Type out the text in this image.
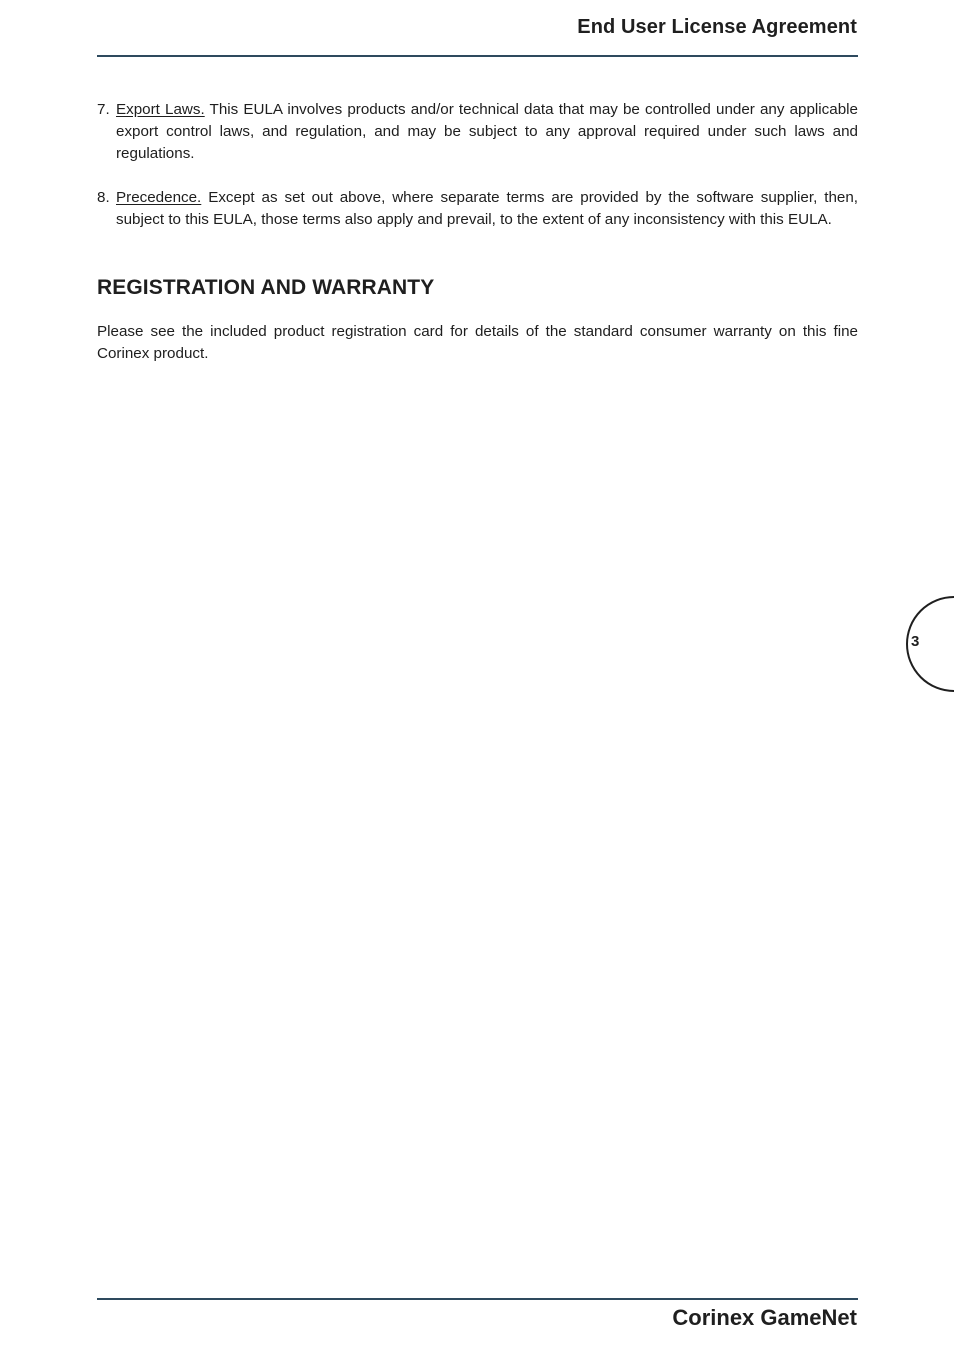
End User License Agreement
7. Export Laws. This EULA involves products and/or technical data that may be controlled under any applicable export control laws, and regulation, and may be subject to any approval required under such laws and regulations.
8. Precedence. Except as set out above, where separate terms are provided by the software supplier, then, subject to this EULA, those terms also apply and prevail, to the extent of any inconsistency with this EULA.
REGISTRATION AND WARRANTY
Please see the included product registration card for details of the standard consumer warranty on this fine Corinex product.
3
Corinex GameNet
